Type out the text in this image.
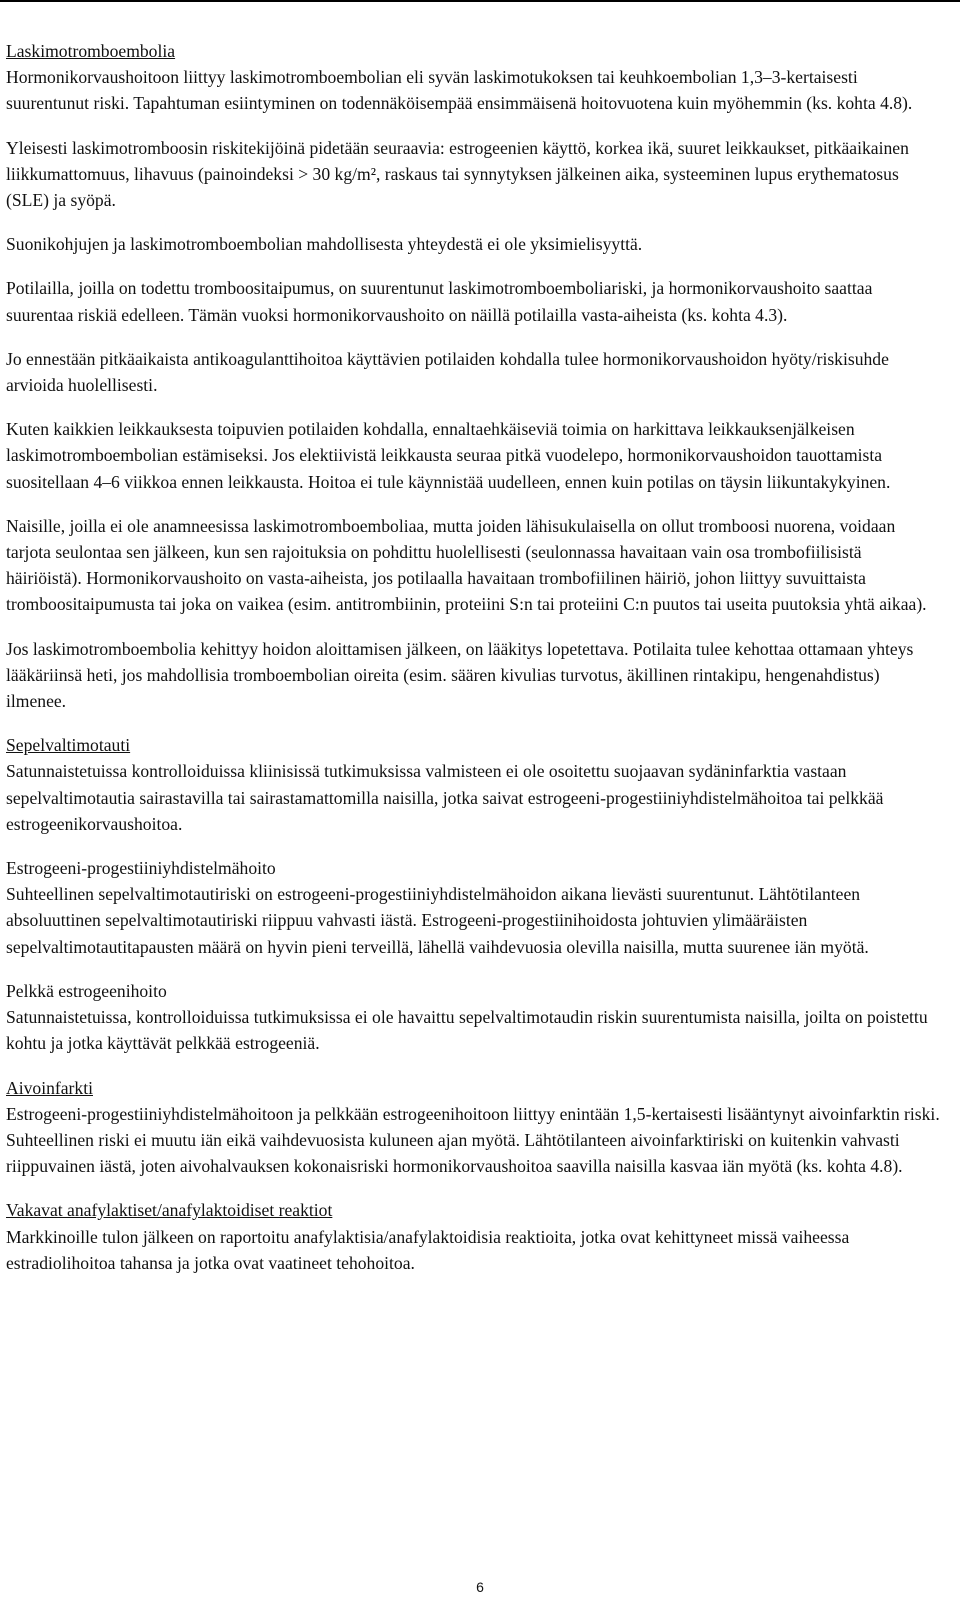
Laskimotromboembolia

Hormonikorvaushoitoon liittyy laskimotromboembolian eli syvän laskimotukoksen tai keuhkoembolian 1,3–3-kertaisesti suurentunut riski. Tapahtuman esiintyminen on todennäköisempää ensimmäisenä hoitovuotena kuin myöhemmin (ks. kohta 4.8).

Yleisesti laskimotromboosin riskitekijöinä pidetään seuraavia: estrogeenien käyttö, korkea ikä, suuret leikkaukset, pitkäaikainen liikkumattomuus, lihavuus (painoindeksi > 30 kg/m², raskaus tai synnytyksen jälkeinen aika, systeeminen lupus erythematosus (SLE) ja syöpä.

Suonikohjujen ja laskimotromboembolian mahdollisesta yhteydestä ei ole yksimielisyyttä.

Potilailla, joilla on todettu tromboositaipumus, on suurentunut laskimotromboemboliariski, ja hormonikorvaushoito saattaa suurentaa riskiä edelleen. Tämän vuoksi hormonikorvaushoito on näillä potilailla vasta-aiheista (ks. kohta 4.3).

Jo ennestään pitkäaikaista antikoagulanttihoitoa käyttävien potilaiden kohdalla tulee hormonikorvaushoidon hyöty/riskisuhde arvioida huolellisesti.

Kuten kaikkien leikkauksesta toipuvien potilaiden kohdalla, ennaltaehkäiseviä toimia on harkittava leikkauksenjälkeisen laskimotromboembolian estämiseksi. Jos elektiivistä leikkausta seuraa pitkä vuodelepo, hormonikorvaushoidon tauottamista suositellaan 4–6 viikkoa ennen leikkausta. Hoitoa ei tule käynnistää uudelleen, ennen kuin potilas on täysin liikuntakykyinen.

Naisille, joilla ei ole anamneesissa laskimotromboemboliaa, mutta joiden lähisukulaisella on ollut tromboosi nuorena, voidaan tarjota seulontaa sen jälkeen, kun sen rajoituksia on pohdittu huolellisesti (seulonnassa havaitaan vain osa trombofiilisistä häiriöistä). Hormonikorvaushoito on vasta-aiheista, jos potilaalla havaitaan trombofiilinen häiriö, johon liittyy suvuittaista tromboositaipumusta tai joka on vaikea (esim. antitrombiinin, proteiini S:n tai proteiini C:n puutos tai useita puutoksia yhtä aikaa).

Jos laskimotromboembolia kehittyy hoidon aloittamisen jälkeen, on lääkitys lopetettava. Potilaita tulee kehottaa ottamaan yhteys lääkäriinsä heti, jos mahdollisia tromboembolian oireita (esim. säären kivulias turvotus, äkillinen rintakipu, hengenahdistus) ilmenee.

Sepelvaltimotauti

Satunnaistetuissa kontrolloiduissa kliinisissä tutkimuksissa valmisteen ei ole osoitettu suojaavan sydäninfarktia vastaan sepelvaltimotautia sairastavilla tai sairastamattomilla naisilla, jotka saivat estrogeeni-progestiiniyhdistelmähoitoa tai pelkkää estrogeenikorvaushoitoa.

Estrogeeni-progestiiniyhdistelmähoito

Suhteellinen sepelvaltimotautiriski on estrogeeni-progestiiniyhdistelmähoidon aikana lievästi suurentunut. Lähtötilanteen absoluuttinen sepelvaltimotautiriski riippuu vahvasti iästä. Estrogeeni-progestiinihoidosta johtuvien ylimääräisten sepelvaltimotautitapausten määrä on hyvin pieni terveillä, lähellä vaihdevuosia olevilla naisilla, mutta suurenee iän myötä.

Pelkkä estrogeenihoito

Satunnaistetuissa, kontrolloiduissa tutkimuksissa ei ole havaittu sepelvaltimotaudin riskin suurentumista naisilla, joilta on poistettu kohtu ja jotka käyttävät pelkkää estrogeeniä.

Aivoinfarkti

Estrogeeni-progestiiniyhdistelmähoitoon ja pelkkään estrogeenihoitoon liittyy enintään 1,5-kertaisesti lisääntynyt aivoinfarktin riski. Suhteellinen riski ei muutu iän eikä vaihdevuosista kuluneen ajan myötä. Lähtötilanteen aivoinfarktiriski on kuitenkin vahvasti riippuvainen iästä, joten aivohalvauksen kokonaisriski hormonikorvaushoitoa saavilla naisilla kasvaa iän myötä (ks. kohta 4.8).

Vakavat anafylaktiset/anafylaktoidiset reaktiot

Markkinoille tulon jälkeen on raportoitu anafylaktisia/anafylaktoidisia reaktioita, jotka ovat kehittyneet missä vaiheessa estradiolihoitoa tahansa ja jotka ovat vaatineet tehohoitoa.

6
